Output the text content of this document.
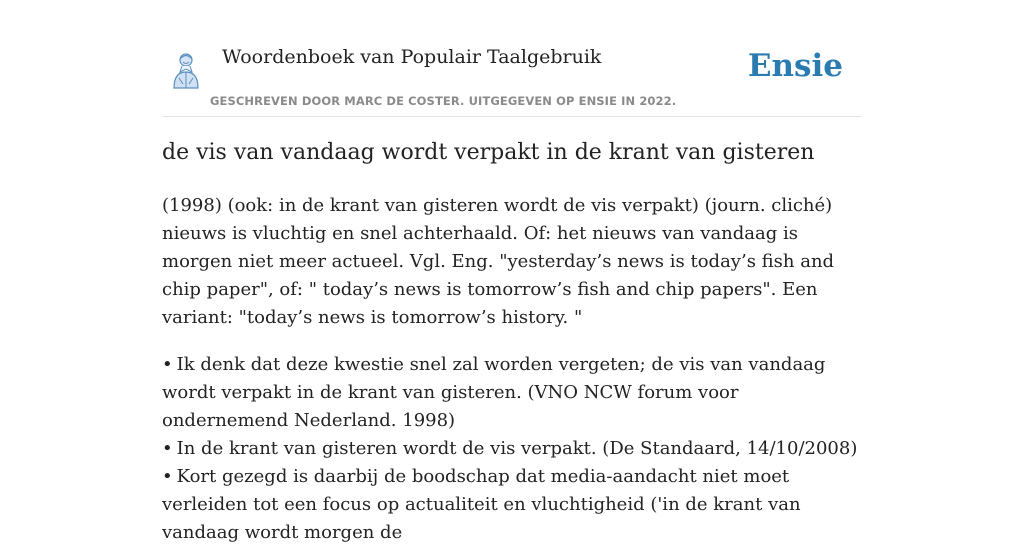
Woordenboek van Populair Taalgebruik
GESCHREVEN DOOR MARC DE COSTER. UITGEGEVEN OP ENSIE IN 2022.
Ensie
de vis van vandaag wordt verpakt in de krant van gisteren

(1998) (ook: in de krant van gisteren wordt de vis verpakt) (journ. cliché) nieuws is vluchtig en snel achterhaald. Of: het nieuws van vandaag is morgen niet meer actueel. Vgl. Eng. "yesterday’s news is today’s fish and chip paper", of: " today’s news is tomorrow’s fish and chip papers". Een variant: "today’s news is tomorrow’s history. "

• Ik denk dat deze kwestie snel zal worden vergeten; de vis van vandaag wordt verpakt in de krant van gisteren. (VNO NCW forum voor ondernemend Nederland. 1998)
• In de krant van gisteren wordt de vis verpakt. (De Standaard, 14/10/2008)
• Kort gezegd is daarbij de boodschap dat media-aandacht niet moet verleiden tot een focus op actualiteit en vluchtigheid ('in de krant van vandaag wordt morgen de
